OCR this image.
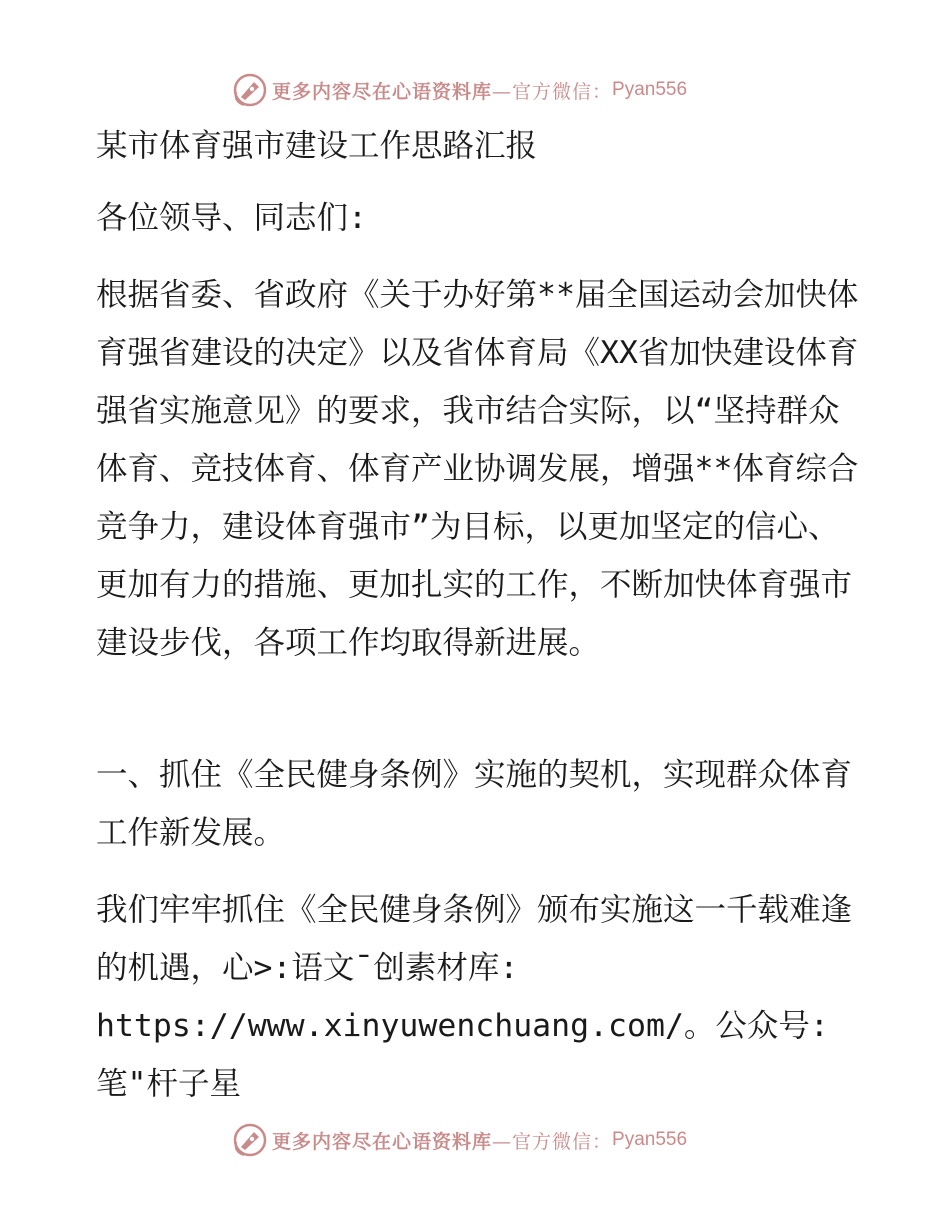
更多内容尽在心语资料库 —官方微信： Pyan556

某市体育强市建设工作思路汇报

各位领导、同志们:

根据省委、省政府《关于办好第**届全国运动会加快体育强省建设的决定》以及省体育局《XX省加快建设体育强省实施意见》的要求，我市结合实际，以“坚持群众体育、竞技体育、体育产业协调发展，增强**体育综合竞争力，建设体育强市”为目标，以更加坚定的信心、更加有力的措施、更加扎实的工作，不断加快体育强市建设步伐，各项工作均取得新进展。

一、抓住《全民健身条例》实施的契机，实现群众体育工作新发展。

我们牢牢抓住《全民健身条例》颁布实施这一千载难逢的机遇，心>:语文¯创素材库: https://www.xinyuwenchuang.com/。公众号: 笔"杆子星

更多内容尽在心语资料库 —官方微信： Pyan556
